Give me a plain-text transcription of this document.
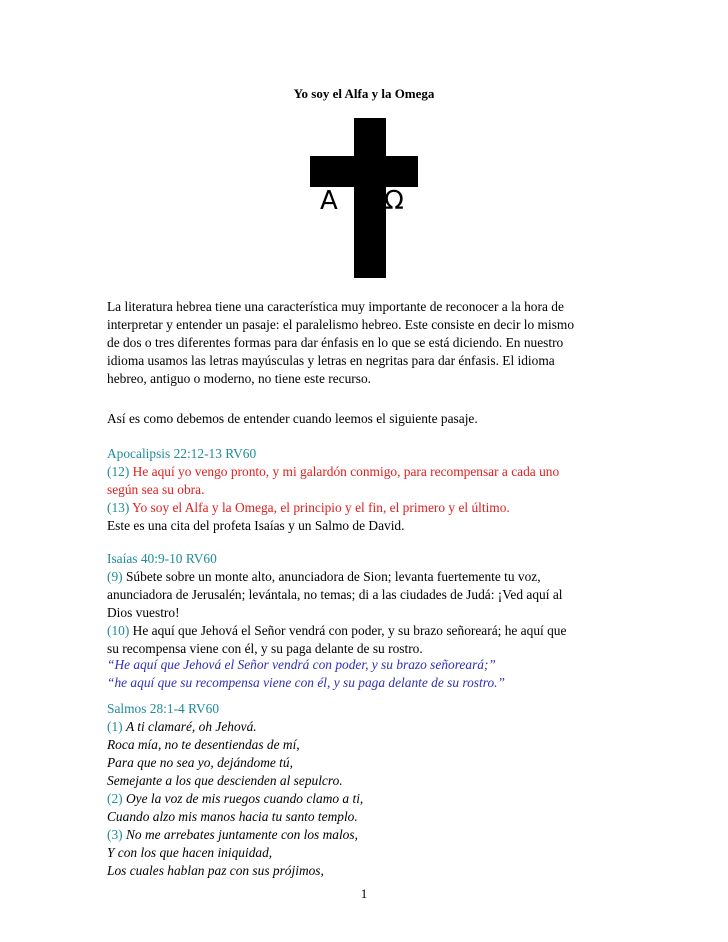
Yo soy el Alfa y la Omega
A Ω
La literatura hebrea tiene una característica muy importante de reconocer a la hora de
interpretar y entender un pasaje: el paralelismo hebreo. Este consiste en decir lo mismo
de dos o tres diferentes formas para dar énfasis en lo que se está diciendo. En nuestro
idioma usamos las letras mayúsculas y letras en negritas para dar énfasis. El idioma
hebreo, antiguo o moderno, no tiene este recurso.
Así es como debemos de entender cuando leemos el siguiente pasaje.
Apocalipsis 22:12-13 RV60
(12) He aquí yo vengo pronto, y mi galardón conmigo, para recompensar a cada uno
según sea su obra.
(13) Yo soy el Alfa y la Omega, el principio y el fin, el primero y el último.
Este es una cita del profeta Isaías y un Salmo de David.
Isaías 40:9-10 RV60
(9) Súbete sobre un monte alto, anunciadora de Sion; levanta fuertemente tu voz,
anunciadora de Jerusalén; levántala, no temas; di a las ciudades de Judá: ¡Ved aquí al
Dios vuestro!
(10) He aquí que Jehová el Señor vendrá con poder, y su brazo señoreará; he aquí que
su recompensa viene con él, y su paga delante de su rostro.
“He aquí que Jehová el Señor vendrá con poder, y su brazo señoreará;”
“he aquí que su recompensa viene con él, y su paga delante de su rostro.”
Salmos 28:1-4 RV60
(1) A ti clamaré, oh Jehová.
Roca mía, no te desentiendas de mí,
Para que no sea yo, dejándome tú,
Semejante a los que descienden al sepulcro.
(2) Oye la voz de mis ruegos cuando clamo a ti,
Cuando alzo mis manos hacia tu santo templo.
(3) No me arrebates juntamente con los malos,
Y con los que hacen iniquidad,
Los cuales hablan paz con sus prójimos,
1
